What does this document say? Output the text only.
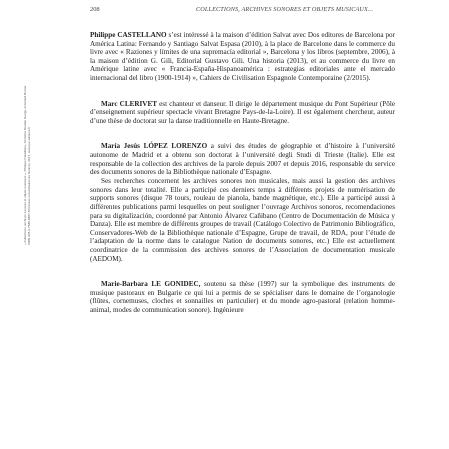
208	COLLECTIONS, ARCHIVES SONORES ET OBJETS MUSICAUX...

« Collections, archives sonores et objets musicaux », Philippe Castellano, Christine Rivalan Guégo et Gérard Borras ISBN 978-2-7535-6887-8 Presses universitaires de Rennes, 2017, www.pur-editions.fr

Philippe CASTELLANO s’est intéressé à la maison d’édition Salvat avec Dos editores de Barcelona por América Latina: Fernando y Santiago Salvat Espasa (2010), à la place de Barcelone dans le commerce du livre avec « Raziones y límites de una supremacía editorial », Barcelona y los libros (septembre, 2006), à la maison d’édition G. Gili, Editorial Gustavo Gili. Una historia (2013), et au commerce du livre en Amérique latine avec « Francia-España-Hispanoamérica : estrategias editoriales ante el mercado internacional del libro (1900-1914) », Cahiers de Civilisation Espagnole Contemporaine (2/2015).

Marc CLERIVET est chanteur et danseur. Il dirige le département musique du Pont Supérieur (Pôle d’enseignement supérieur spectacle vivant Bretagne Pays-de-la-Loire). Il est également chercheur, auteur d’une thèse de doctorat sur la danse traditionnelle en Haute-Bretagne.

María Jesús LÓPEZ LORENZO a suivi des études de géographie et d’histoire à l’université autonome de Madrid et a obtenu son doctorat à l’université degli Studi di Trieste (Italie). Elle est responsable de la collection des archives de la parole depuis 2007 et depuis 2016, responsable du service des documents sonores de la Bibliothèque nationale d’Espagne.

Ses recherches concernent les archives sonores non musicales, mais aussi la gestion des archives sonores dans leur totalité. Elle a participé ces derniers temps à différents projets de numérisation de supports sonores (disque 78 tours, rouleau de pianola, bande magnétique, etc.). Elle a participé aussi à différentes publications parmi lesquelles on peut souligner l’ouvrage Archivos sonoros, recomendaciones para su digitalización, coordonné par Antonio Álvarez Cañibano (Centro de Documentación de Música y Danza). Elle est membre de différents groupes de travail (Catálogo Colectivo de Patrimonio Bibliográfico, Conservadores-Web de la Bibliothèque nationale d’Espagne, Grupe de travail, de RDA, pour l’étude de l’adaptation de la norme dans le catalogue Nation de documents sonores, etc.) Elle est actuellement coordinatrice de la commission des archives sonores de l’Association de documentation musicale (AEDOM).

Marie-Barbara LE GONIDEC, soutenu sa thèse (1997) sur la symbolique des instruments de musique pastoraux en Bulgarie ce qui lui a permis de se spécialiser dans le domaine de l’organologie (flûtes, cornemuses, cloches et sonnailles en particulier) et du monde agro-pastoral (relation homme-animal, modes de communication sonore). Ingénieure
